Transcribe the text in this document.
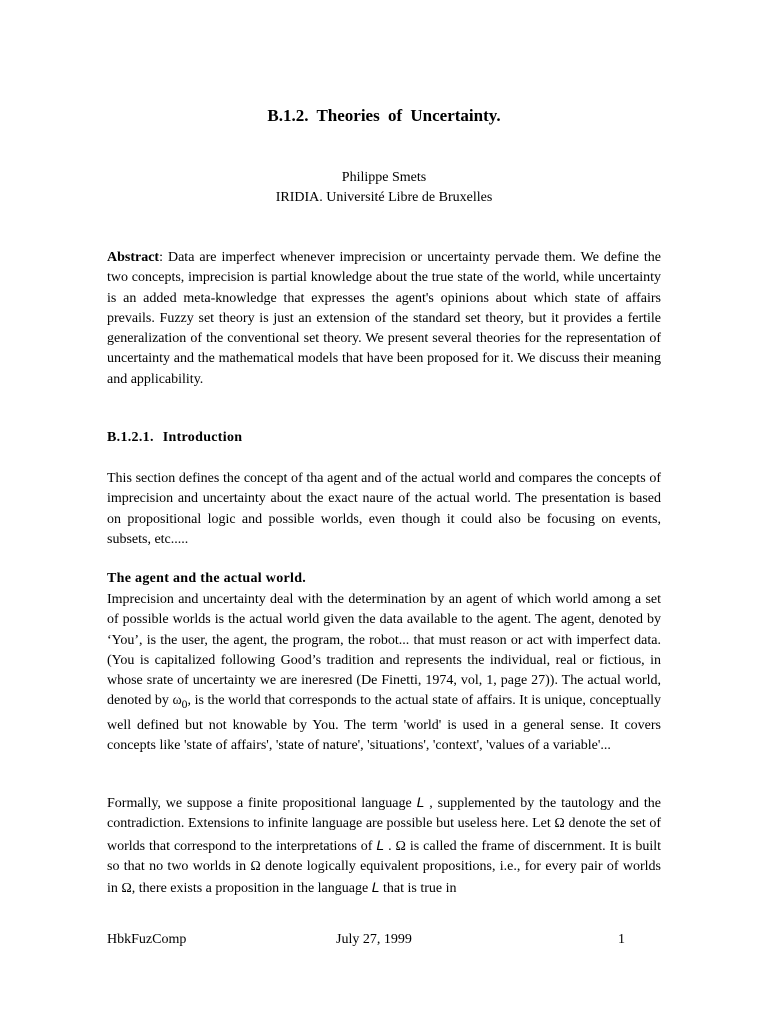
B.1.2. Theories of Uncertainty.
Philippe Smets
IRIDIA. Université Libre de Bruxelles

Abstract: Data are imperfect whenever imprecision or uncertainty pervade them. We define the two concepts, imprecision is partial knowledge about the true state of the world, while uncertainty is an added meta-knowledge that expresses the agent's opinions about which state of affairs prevails. Fuzzy set theory is just an extension of the standard set theory, but it provides a fertile generalization of the conventional set theory. We present several theories for the representation of uncertainty and the mathematical models that have been proposed for it. We discuss their meaning and applicability.

B.1.2.1. Introduction

This section defines the concept of tha agent and of the actual world and compares the concepts of imprecision and uncertainty about the exact naure of the actual world. The presentation is based on propositional logic and possible worlds, even though it could also be focusing on events, subsets, etc.....

The agent and the actual world.

Imprecision and uncertainty deal with the determination by an agent of which world among a set of possible worlds is the actual world given the data available to the agent. The agent, denoted by ‘You’, is the user, the agent, the program, the robot... that must reason or act with imperfect data. (You is capitalized following Good’s tradition and represents the individual, real or fictious, in whose srate of uncertainty we are ineresred (De Finetti, 1974, vol, 1, page 27)). The actual world, denoted by $\omega_0$, is the world that corresponds to the actual state of affairs. It is unique, conceptually well defined but not knowable by You. The term 'world' is used in a general sense. It covers concepts like 'state of affairs', 'state of nature', 'situations', 'context', 'values of a variable'...

Formally, we suppose a finite propositional language L , supplemented by the tautology and the contradiction. Extensions to infinite language are possible but useless here. Let Ω denote the set of worlds that correspond to the interpretations of L . Ω is called the frame of discernment. It is built so that no two worlds in Ω denote logically equivalent propositions, i.e., for every pair of worlds in Ω, there exists a proposition in the language L that is true in

HbkFuzComp	July 27, 1999	1
